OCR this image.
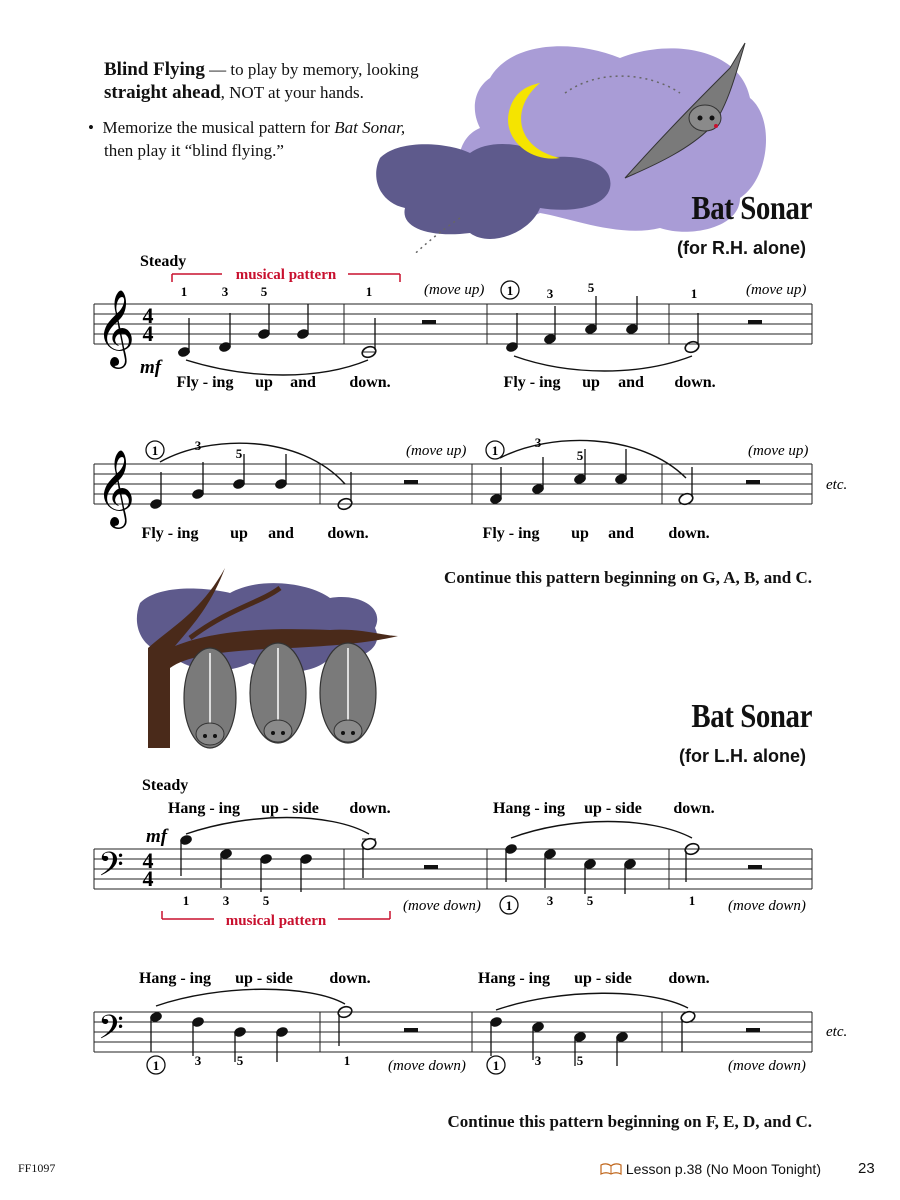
Blind Flying — to play by memory, looking
straight ahead, NOT at your hands.
•  Memorize the musical pattern for Bat Sonar,
then play it “blind flying.”
Bat Sonar
(for R.H. alone)
Steady
musical pattern
𝄞 4
4
mf
1	3	5	1	1	3	5	1
(move up)	(move up)
Fly - ing up and down.	Fly - ing up and down.
𝄞 1	3
5	1
3
5
(move up)	(move up)
etc.
Fly - ing up and down.	Fly - ing up and down.
Continue this pattern beginning on G, A, B, and C.
Bat Sonar
(for L.H. alone)
Steady
Hang - ing up - side down.	Hang - ing up - side down.
mf
𝄢 4
4
1	3	5	1	3	5	1
(move down)	(move down)
musical pattern
Hang - ing up - side down.	Hang - ing up - side down.
𝄢
1	3	5	1	1	3	5
(move down)	(move down)
etc.
Continue this pattern beginning on F, E, D, and C.
FF1097	Lesson p.38 (No Moon Tonight) 23
